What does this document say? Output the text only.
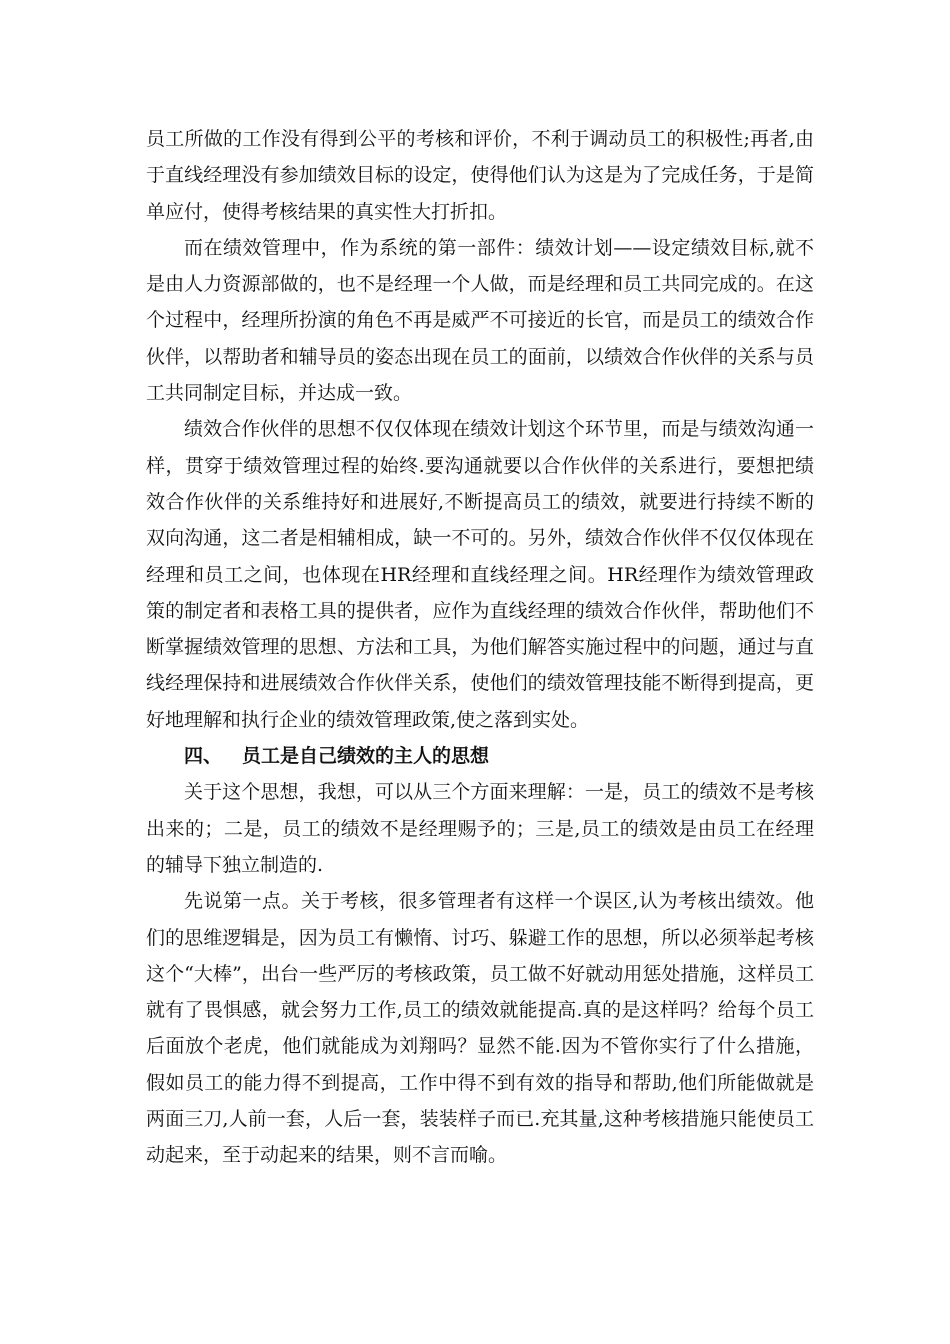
员工所做的工作没有得到公平的考核和评价，不利于调动员工的积极性;再者,由于直线经理没有参加绩效目标的设定，使得他们认为这是为了完成任务，于是简单应付，使得考核结果的真实性大打折扣。

而在绩效管理中，作为系统的第一部件：绩效计划——设定绩效目标,就不是由人力资源部做的，也不是经理一个人做，而是经理和员工共同完成的。在这个过程中，经理所扮演的角色不再是威严不可接近的长官，而是员工的绩效合作伙伴，以帮助者和辅导员的姿态出现在员工的面前，以绩效合作伙伴的关系与员工共同制定目标，并达成一致。

绩效合作伙伴的思想不仅仅体现在绩效计划这个环节里，而是与绩效沟通一样，贯穿于绩效管理过程的始终.要沟通就要以合作伙伴的关系进行，要想把绩效合作伙伴的关系维持好和进展好,不断提高员工的绩效，就要进行持续不断的双向沟通，这二者是相辅相成，缺一不可的。另外，绩效合作伙伴不仅仅体现在经理和员工之间，也体现在HR经理和直线经理之间。HR经理作为绩效管理政策的制定者和表格工具的提供者，应作为直线经理的绩效合作伙伴，帮助他们不断掌握绩效管理的思想、方法和工具，为他们解答实施过程中的问题，通过与直线经理保持和进展绩效合作伙伴关系，使他们的绩效管理技能不断得到提高，更好地理解和执行企业的绩效管理政策,使之落到实处。

四、 员工是自己绩效的主人的思想

关于这个思想，我想，可以从三个方面来理解：一是，员工的绩效不是考核出来的；二是，员工的绩效不是经理赐予的；三是,员工的绩效是由员工在经理的辅导下独立制造的.

先说第一点。关于考核，很多管理者有这样一个误区,认为考核出绩效。他们的思维逻辑是，因为员工有懒惰、讨巧、躲避工作的思想，所以必须举起考核这个“大棒”，出台一些严厉的考核政策，员工做不好就动用惩处措施，这样员工就有了畏惧感，就会努力工作,员工的绩效就能提高.真的是这样吗？给每个员工后面放个老虎，他们就能成为刘翔吗？显然不能.因为不管你实行了什么措施，假如员工的能力得不到提高，工作中得不到有效的指导和帮助,他们所能做就是两面三刀,人前一套，人后一套，装装样子而已.充其量,这种考核措施只能使员工动起来，至于动起来的结果，则不言而喻。
